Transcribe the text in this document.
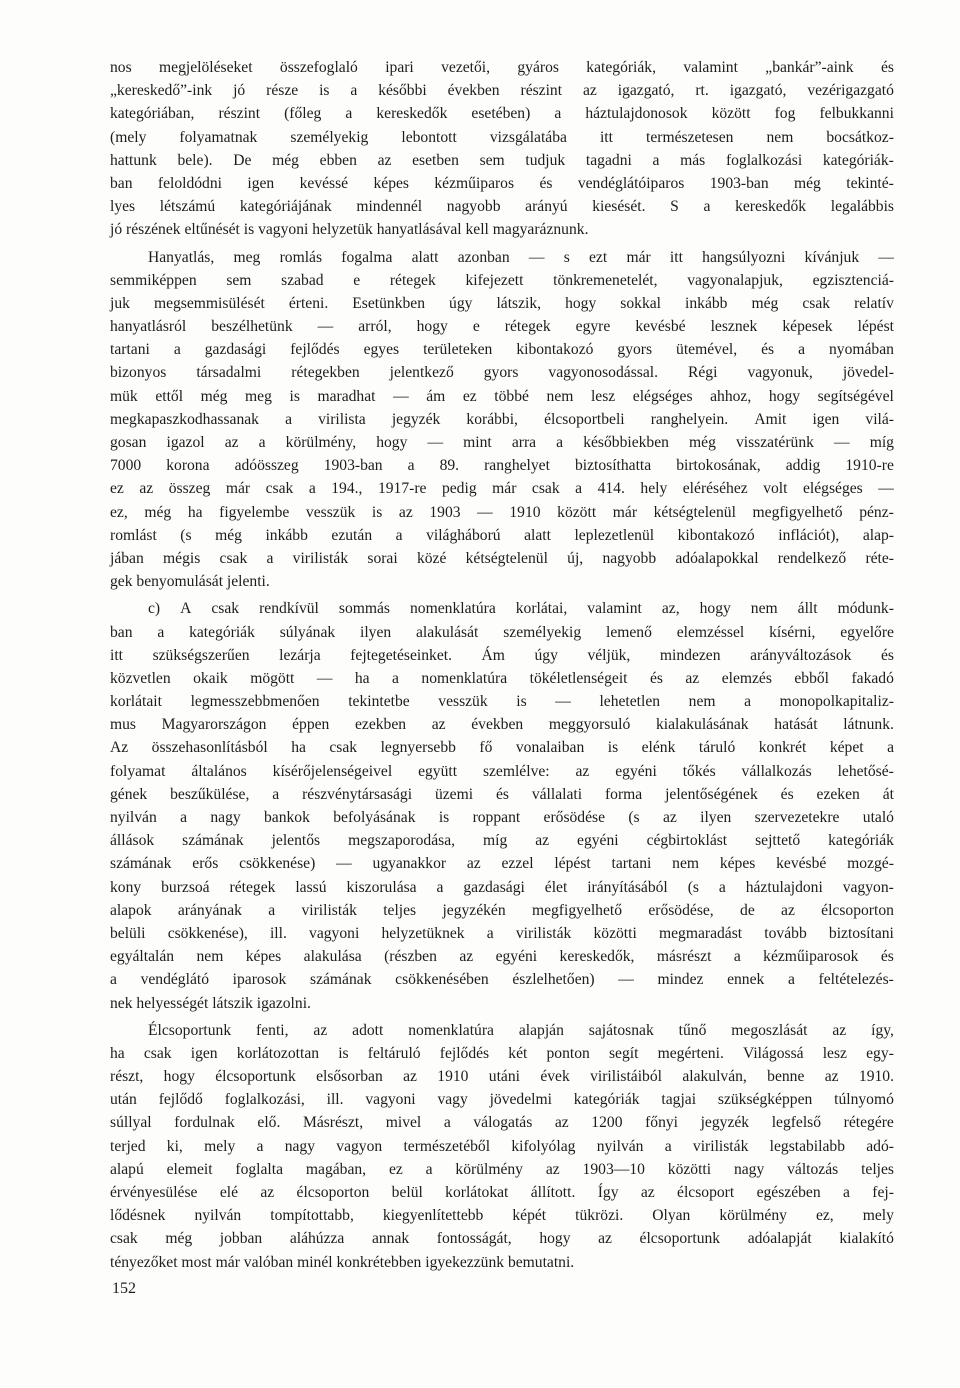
nos megjelöléseket összefoglaló ipari vezetői, gyáros kategóriák, valamint „bankár”-aink és
„kereskedő”-ink jó része is a későbbi években részint az igazgató, rt. igazgató, vezérigazgató
kategóriában, részint (főleg a kereskedők esetében) a háztulajdonosok között fog felbukkanni
(mely folyamatnak személyekig lebontott vizsgálatába itt természetesen nem bocsátkoz-
hattunk bele). De még ebben az esetben sem tudjuk tagadni a más foglalkozási kategóriák-
ban feloldódni igen kevéssé képes kézműiparos és vendéglátóiparos 1903-ban még tekinté-
lyes létszámú kategóriájának mindennél nagyobb arányú kiesését. S a kereskedők legalábbis
jó részének eltűnését is vagyoni helyzetük hanyatlásával kell magyaráznunk.
Hanyatlás, meg romlás fogalma alatt azonban — s ezt már itt hangsúlyozni kívánjuk —
semmiképpen sem szabad e rétegek kifejezett tönkremenetelét, vagyonalapjuk, egzisztenciá-
juk megsemmisülését érteni. Esetünkben úgy látszik, hogy sokkal inkább még csak relatív
hanyatlásról beszélhetünk — arról, hogy e rétegek egyre kevésbé lesznek képesek lépést
tartani a gazdasági fejlődés egyes területeken kibontakozó gyors ütemével, és a nyomában
bizonyos társadalmi rétegekben jelentkező gyors vagyonosodással. Régi vagyonuk, jövedel-
mük ettől még meg is maradhat — ám ez többé nem lesz elégséges ahhoz, hogy segítségével
megkapaszkodhassanak a virilista jegyzék korábbi, élcsoportbeli ranghelyein. Amit igen vilá-
gosan igazol az a körülmény, hogy — mint arra a későbbiekben még visszatérünk — míg
7000 korona adóösszeg 1903-ban a 89. ranghelyet biztosíthatta birtokosának, addig 1910-re
ez az összeg már csak a 194., 1917-re pedig már csak a 414. hely eléréséhez volt elégséges —
ez, még ha figyelembe vesszük is az 1903 — 1910 között már kétségtelenül megfigyelhető pénz-
romlást (s még inkább ezután a világháború alatt leplezetlenül kibontakozó inflációt), alap-
jában mégis csak a virilisták sorai közé kétségtelenül új, nagyobb adóalapokkal rendelkező réte-
gek benyomulását jelenti.
c) A csak rendkívül sommás nomenklatúra korlátai, valamint az, hogy nem állt módunk-
ban a kategóriák súlyának ilyen alakulását személyekig lemenő elemzéssel kísérni, egyelőre
itt szükségszerűen lezárja fejtegetéseinket. Ám úgy véljük, mindezen arányváltozások és
közvetlen okaik mögött — ha a nomenklatúra tökéletlenségeit és az elemzés ebből fakadó
korlátait legmesszebbmenően tekintetbe vesszük is — lehetetlen nem a monopolkapitaliz-
mus Magyarországon éppen ezekben az években meggyorsuló kialakulásának hatását látnunk.
Az összehasonlításból ha csak legnyersebb fő vonalaiban is elénk táruló konkrét képet a
folyamat általános kísérőjelenségeivel együtt szemlélve: az egyéni tőkés vállalkozás lehetősé-
gének beszűkülése, a részvénytársasági üzemi és vállalati forma jelentőségének és ezeken át
nyilván a nagy bankok befolyásának is roppant erősödése (s az ilyen szervezetekre utaló
állások számának jelentős megszaporodása, míg az egyéni cégbirtoklást sejttető kategóriák
számának erős csökkenése) — ugyanakkor az ezzel lépést tartani nem képes kevésbé mozgé-
kony burzsoá rétegek lassú kiszorulása a gazdasági élet irányításából (s a háztulajdoni vagyon-
alapok arányának a virilisták teljes jegyzékén megfigyelhető erősödése, de az élcsoporton
belüli csökkenése), ill. vagyoni helyzetüknek a virilisták közötti megmaradást tovább biztosítani
egyáltalán nem képes alakulása (részben az egyéni kereskedők, másrészt a kézműiparosok és
a vendéglátó iparosok számának csökkenésében észlelhetően) — mindez ennek a feltételezés-
nek helyességét látszik igazolni.
Élcsoportunk fenti, az adott nomenklatúra alapján sajátosnak tűnő megoszlását az így,
ha csak igen korlátozottan is feltáruló fejlődés két ponton segít megérteni. Világossá lesz egy-
részt, hogy élcsoportunk elsősorban az 1910 utáni évek virilistáiból alakulván, benne az 1910.
után fejlődő foglalkozási, ill. vagyoni vagy jövedelmi kategóriák tagjai szükségképpen túlnyomó
súllyal fordulnak elő. Másrészt, mivel a válogatás az 1200 főnyi jegyzék legfelső rétegére
terjed ki, mely a nagy vagyon természetéből kifolyólag nyilván a virilisták legstabilabb adó-
alapú elemeit foglalta magában, ez a körülmény az 1903—10 közötti nagy változás teljes
érvényesülése elé az élcsoporton belül korlátokat állított. Így az élcsoport egészében a fej-
lődésnek nyilván tompítottabb, kiegyenlítettebb képét tükrözi. Olyan körülmény ez, mely
csak még jobban aláhúzza annak fontosságát, hogy az élcsoportunk adóalapját kialakító
tényezőket most már valóban minél konkrétebben igyekezzünk bemutatni.
152
